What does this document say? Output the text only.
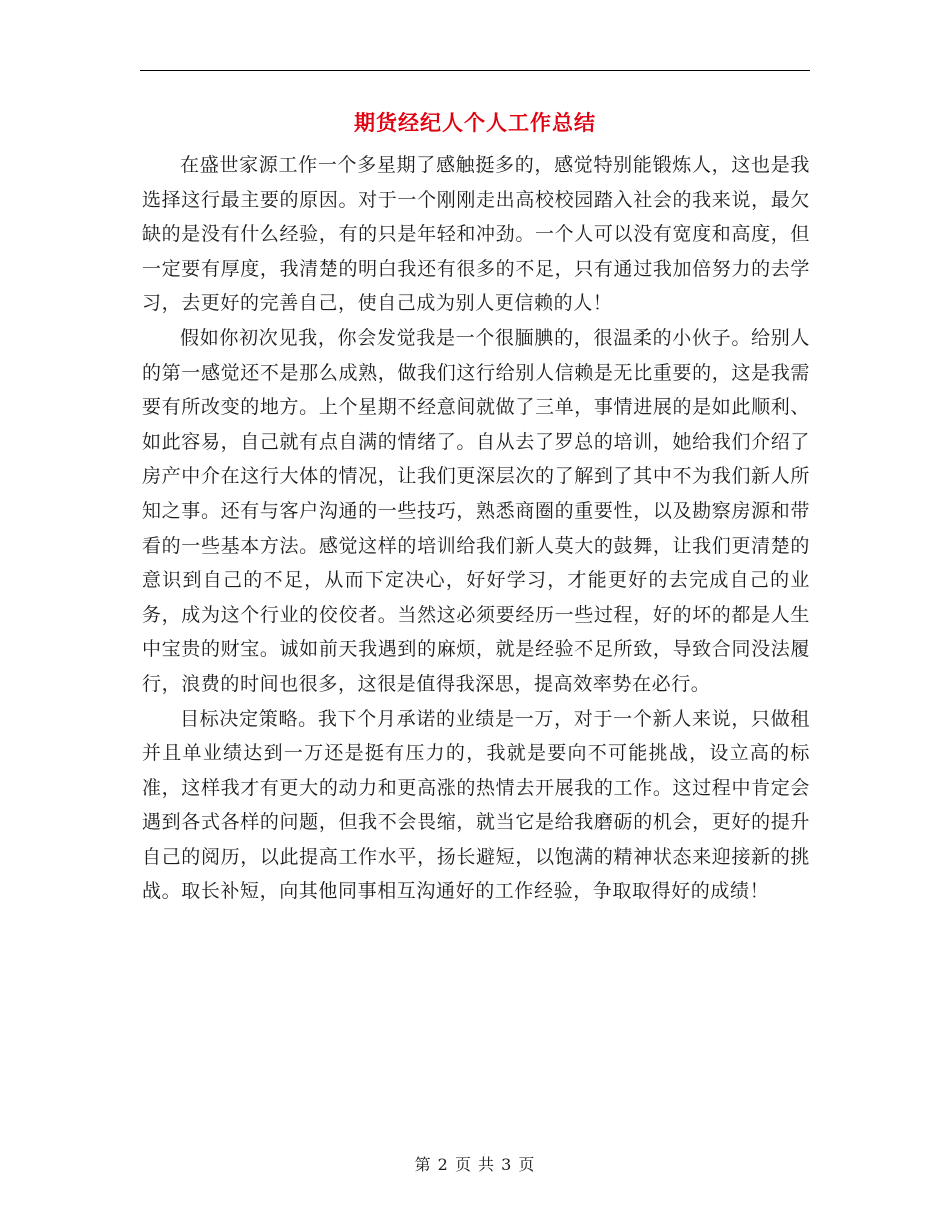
期货经纪人个人工作总结

在盛世家源工作一个多星期了感触挺多的，感觉特别能锻炼人，这也是我选择这行最主要的原因。对于一个刚刚走出高校校园踏入社会的我来说，最欠缺的是没有什么经验，有的只是年轻和冲劲。一个人可以没有宽度和高度，但一定要有厚度，我清楚的明白我还有很多的不足，只有通过我加倍努力的去学习，去更好的完善自己，使自己成为别人更信赖的人！

假如你初次见我，你会发觉我是一个很腼腆的，很温柔的小伙子。给别人的第一感觉还不是那么成熟，做我们这行给别人信赖是无比重要的，这是我需要有所改变的地方。上个星期不经意间就做了三单，事情进展的是如此顺利、如此容易，自己就有点自满的情绪了。自从去了罗总的培训，她给我们介绍了房产中介在这行大体的情况，让我们更深层次的了解到了其中不为我们新人所知之事。还有与客户沟通的一些技巧，熟悉商圈的重要性，以及勘察房源和带看的一些基本方法。感觉这样的培训给我们新人莫大的鼓舞，让我们更清楚的意识到自己的不足，从而下定决心，好好学习，才能更好的去完成自己的业务，成为这个行业的佼佼者。当然这必须要经历一些过程，好的坏的都是人生中宝贵的财宝。诚如前天我遇到的麻烦，就是经验不足所致，导致合同没法履行，浪费的时间也很多，这很是值得我深思，提高效率势在必行。

目标决定策略。我下个月承诺的业绩是一万，对于一个新人来说，只做租并且单业绩达到一万还是挺有压力的，我就是要向不可能挑战，设立高的标准，这样我才有更大的动力和更高涨的热情去开展我的工作。这过程中肯定会遇到各式各样的问题，但我不会畏缩，就当它是给我磨砺的机会，更好的提升自己的阅历，以此提高工作水平，扬长避短，以饱满的精神状态来迎接新的挑战。取长补短，向其他同事相互沟通好的工作经验，争取取得好的成绩！

第 2 页 共 3 页
